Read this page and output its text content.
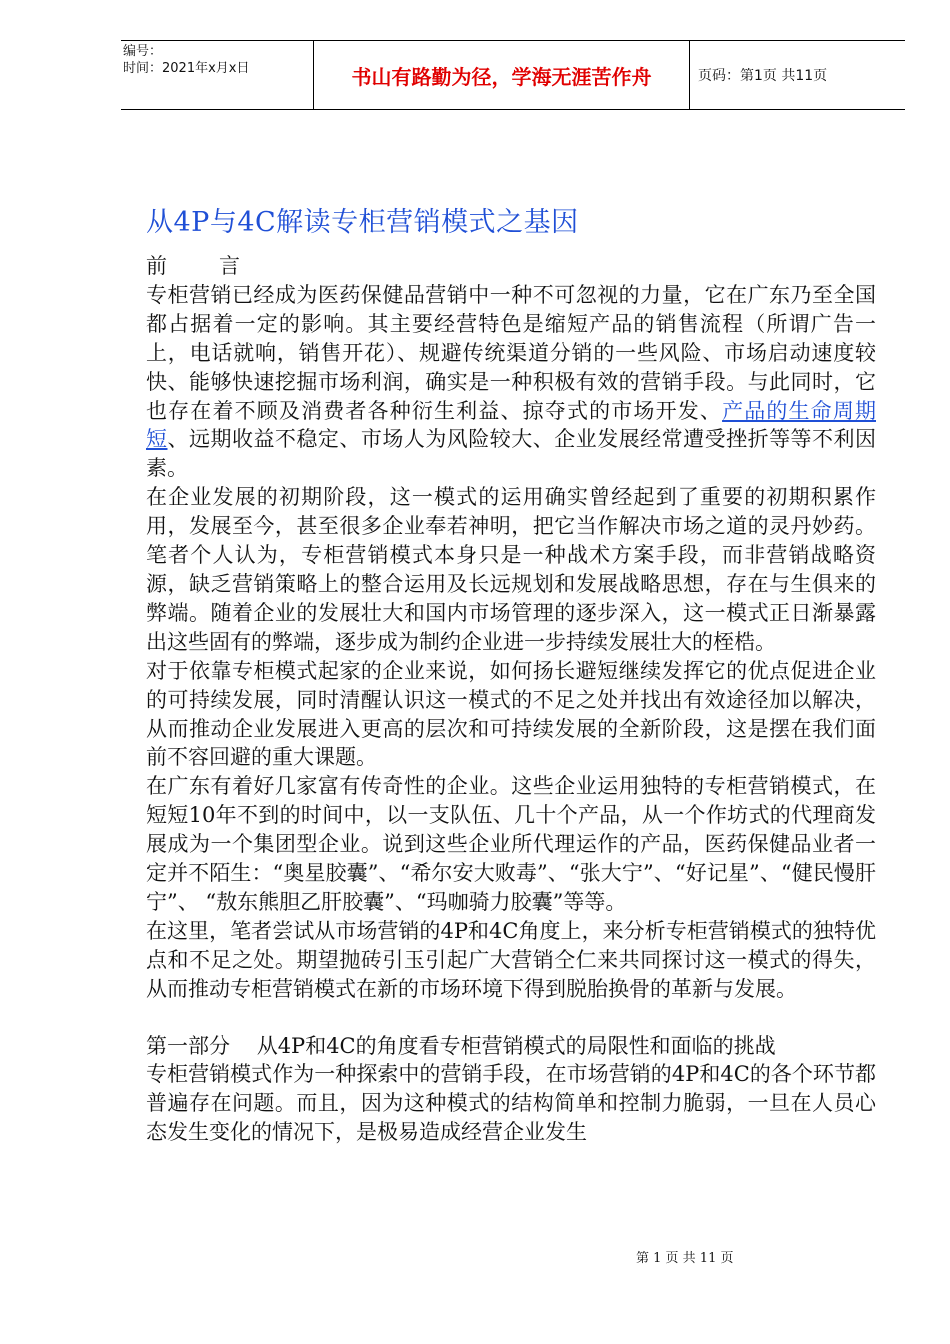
编号：
时间：2021年x月x日	书山有路勤为径，学海无涯苦作舟	页码：第1页 共11页
从4P与4C解读专柜营销模式之基因

前 言

专柜营销已经成为医药保健品营销中一种不可忽视的力量，它在广东乃至全国都占据着一定的影响。其主要经营特色是缩短产品的销售流程（所谓广告一上，电话就响，销售开花）、规避传统渠道分销的一些风险、市场启动速度较快、能够快速挖掘市场利润，确实是一种积极有效的营销手段。与此同时，它也存在着不顾及消费者各种衍生利益、掠夺式的市场开发、产品的生命周期短、远期收益不稳定、市场人为风险较大、企业发展经常遭受挫折等等不利因素。

在企业发展的初期阶段，这一模式的运用确实曾经起到了重要的初期积累作用，发展至今，甚至很多企业奉若神明，把它当作解决市场之道的灵丹妙药。笔者个人认为，专柜营销模式本身只是一种战术方案手段，而非营销战略资源，缺乏营销策略上的整合运用及长远规划和发展战略思想，存在与生俱来的弊端。随着企业的发展壮大和国内市场管理的逐步深入，这一模式正日渐暴露出这些固有的弊端，逐步成为制约企业进一步持续发展壮大的桎梏。

对于依靠专柜模式起家的企业来说，如何扬长避短继续发挥它的优点促进企业的可持续发展，同时清醒认识这一模式的不足之处并找出有效途径加以解决，从而推动企业发展进入更高的层次和可持续发展的全新阶段，这是摆在我们面前不容回避的重大课题。

在广东有着好几家富有传奇性的企业。这些企业运用独特的专柜营销模式，在短短10年不到的时间中，以一支队伍、几十个产品，从一个作坊式的代理商发展成为一个集团型企业。说到这些企业所代理运作的产品，医药保健品业者一定并不陌生：“奥星胶囊”、“希尔安大败毒”、“张大宁”、“好记星”、“健民慢肝宁”、 “敖东熊胆乙肝胶囊”、“玛咖骑力胶囊”等等。

在这里，笔者尝试从市场营销的4P和4C角度上，来分析专柜营销模式的独特优点和不足之处。期望抛砖引玉引起广大营销仝仁来共同探讨这一模式的得失，从而推动专柜营销模式在新的市场环境下得到脱胎换骨的革新与发展。

第一部分    从4P和4C的角度看专柜营销模式的局限性和面临的挑战

专柜营销模式作为一种探索中的营销手段，在市场营销的4P和4C的各个环节都普遍存在问题。而且，因为这种模式的结构简单和控制力脆弱，一旦在人员心态发生变化的情况下，是极易造成经营企业发生

第 1 页 共 11 页
